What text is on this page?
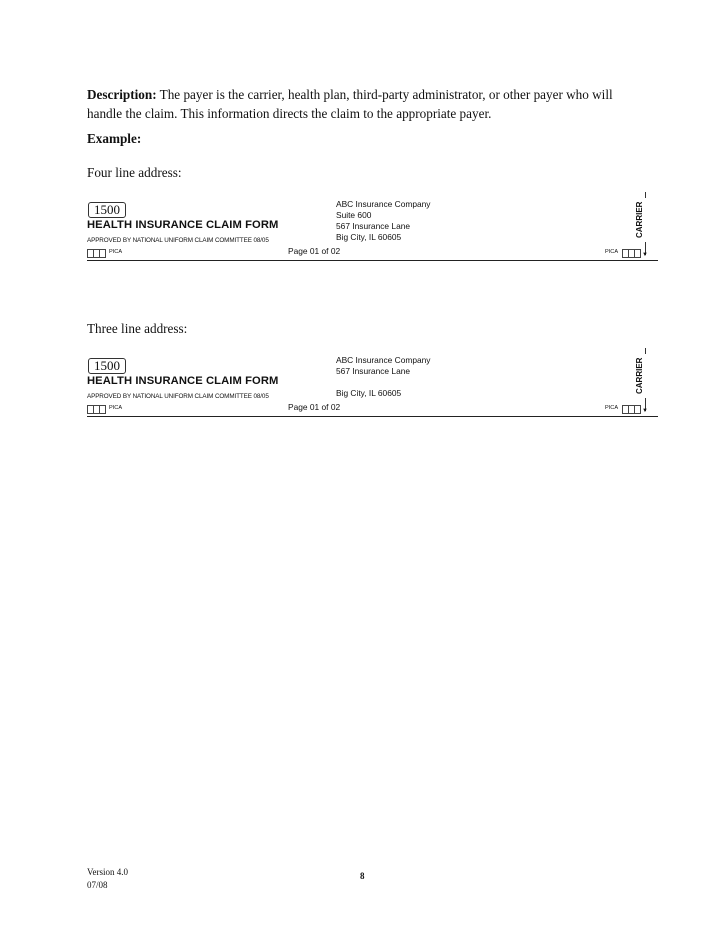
Description: The payer is the carrier, health plan, third-party administrator, or other payer who will handle the claim. This information directs the claim to the appropriate payer.
Example:
Four line address:
1500
HEALTH INSURANCE CLAIM FORM
APPROVED BY NATIONAL UNIFORM CLAIM COMMITTEE 08/05
PICA	Page 01 of 02
ABC Insurance Company
Suite 600
567 Insurance Lane
Big City, IL 60605
PICA
CARRIER
▼
Three line address:
1500
HEALTH INSURANCE CLAIM FORM
APPROVED BY NATIONAL UNIFORM CLAIM COMMITTEE 08/05
PICA	Page 01 of 02
ABC Insurance Company
567 Insurance Lane
Big City, IL 60605
PICA
CARRIER
▼
Version 4.0
07/08
8
